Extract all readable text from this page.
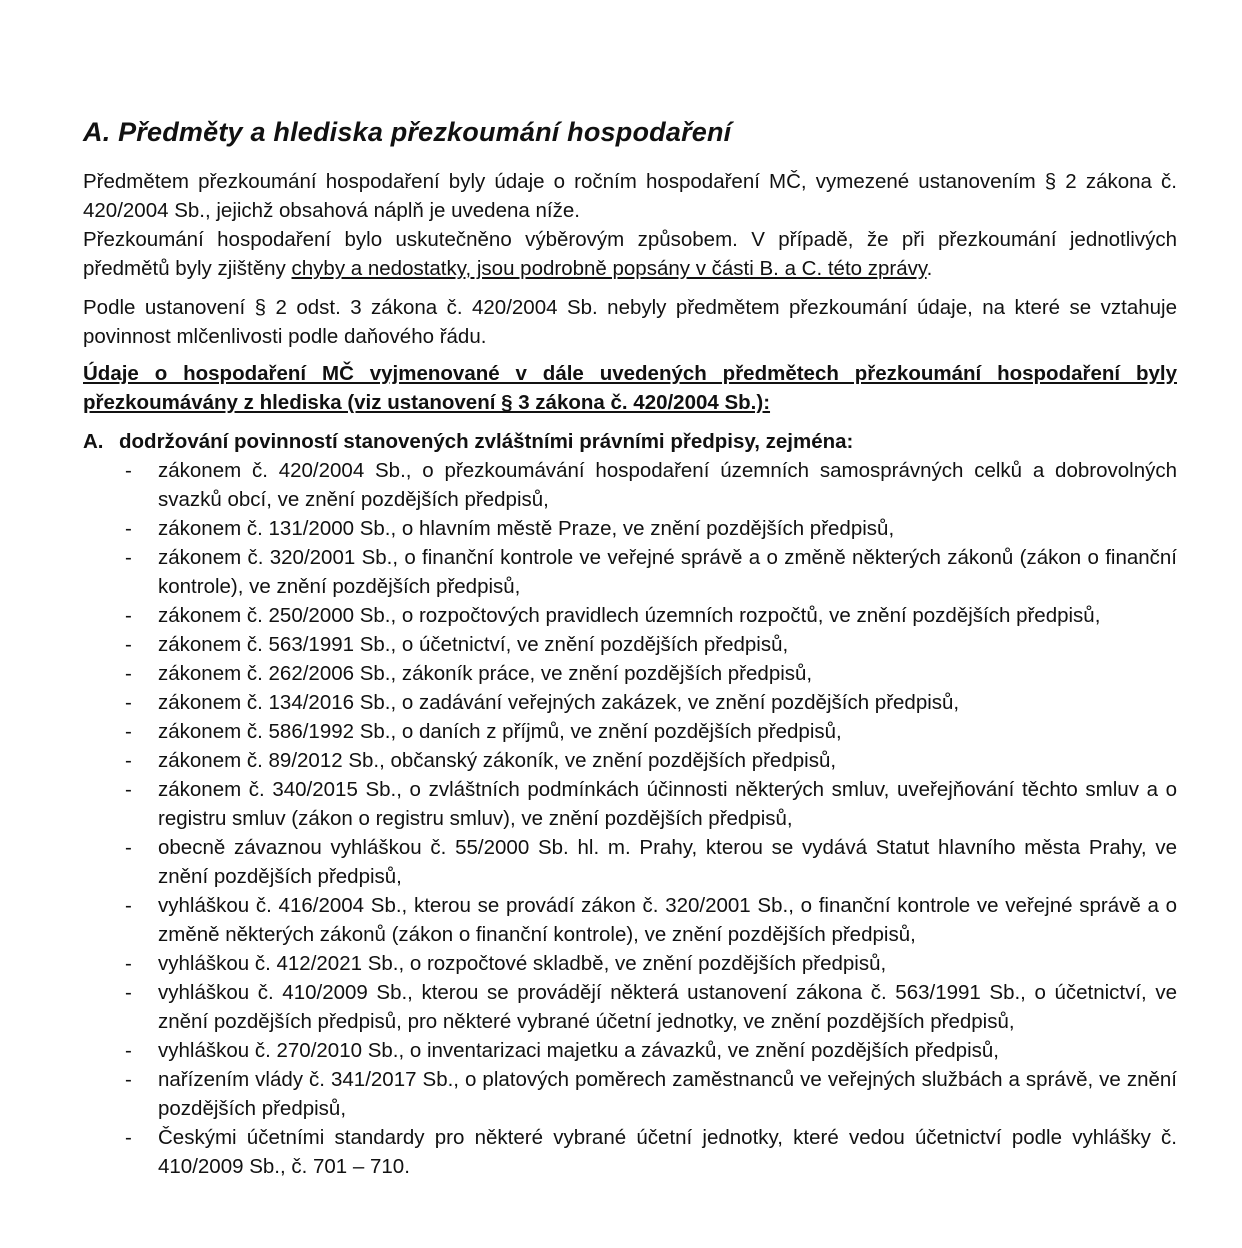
A. Předměty a hlediska přezkoumání hospodaření

Předmětem přezkoumání hospodaření byly údaje o ročním hospodaření MČ, vymezené ustanovením § 2 zákona č. 420/2004 Sb., jejichž obsahová náplň je uvedena níže.

Přezkoumání hospodaření bylo uskutečněno výběrovým způsobem. V případě, že při přezkoumání jednotlivých předmětů byly zjištěny chyby a nedostatky, jsou podrobně popsány v části B. a C. této zprávy.

Podle ustanovení § 2 odst. 3 zákona č. 420/2004 Sb. nebyly předmětem přezkoumání údaje, na které se vztahuje povinnost mlčenlivosti podle daňového řádu.

Údaje o hospodaření MČ vyjmenované v dále uvedených předmětech přezkoumání hospodaření byly přezkoumávány z hlediska (viz ustanovení § 3 zákona č. 420/2004 Sb.):

A. dodržování povinností stanovených zvláštními právními předpisy, zejména:
- zákonem č. 420/2004 Sb., o přezkoumávání hospodaření územních samosprávných celků a dobrovolných svazků obcí, ve znění pozdějších předpisů,
- zákonem č. 131/2000 Sb., o hlavním městě Praze, ve znění pozdějších předpisů,
- zákonem č. 320/2001 Sb., o finanční kontrole ve veřejné správě a o změně některých zákonů (zákon o finanční kontrole), ve znění pozdějších předpisů,
- zákonem č. 250/2000 Sb., o rozpočtových pravidlech územních rozpočtů, ve znění pozdějších předpisů,
- zákonem č. 563/1991 Sb., o účetnictví, ve znění pozdějších předpisů,
- zákonem č. 262/2006 Sb., zákoník práce, ve znění pozdějších předpisů,
- zákonem č. 134/2016 Sb., o zadávání veřejných zakázek, ve znění pozdějších předpisů,
- zákonem č. 586/1992 Sb., o daních z příjmů, ve znění pozdějších předpisů,
- zákonem č. 89/2012 Sb., občanský zákoník, ve znění pozdějších předpisů,
- zákonem č. 340/2015 Sb., o zvláštních podmínkách účinnosti některých smluv, uveřejňování těchto smluv a o registru smluv (zákon o registru smluv), ve znění pozdějších předpisů,
- obecně závaznou vyhláškou č. 55/2000 Sb. hl. m. Prahy, kterou se vydává Statut hlavního města Prahy, ve znění pozdějších předpisů,
- vyhláškou č. 416/2004 Sb., kterou se provádí zákon č. 320/2001 Sb., o finanční kontrole ve veřejné správě a o změně některých zákonů (zákon o finanční kontrole), ve znění pozdějších předpisů,
- vyhláškou č. 412/2021 Sb., o rozpočtové skladbě, ve znění pozdějších předpisů,
- vyhláškou č. 410/2009 Sb., kterou se provádějí některá ustanovení zákona č. 563/1991 Sb., o účetnictví, ve znění pozdějších předpisů, pro některé vybrané účetní jednotky, ve znění pozdějších předpisů,
- vyhláškou č. 270/2010 Sb., o inventarizaci majetku a závazků, ve znění pozdějších předpisů,
- nařízením vlády č. 341/2017 Sb., o platových poměrech zaměstnanců ve veřejných službách a správě, ve znění pozdějších předpisů,
- Českými účetními standardy pro některé vybrané účetní jednotky, které vedou účetnictví podle vyhlášky č. 410/2009 Sb., č. 701 – 710.
